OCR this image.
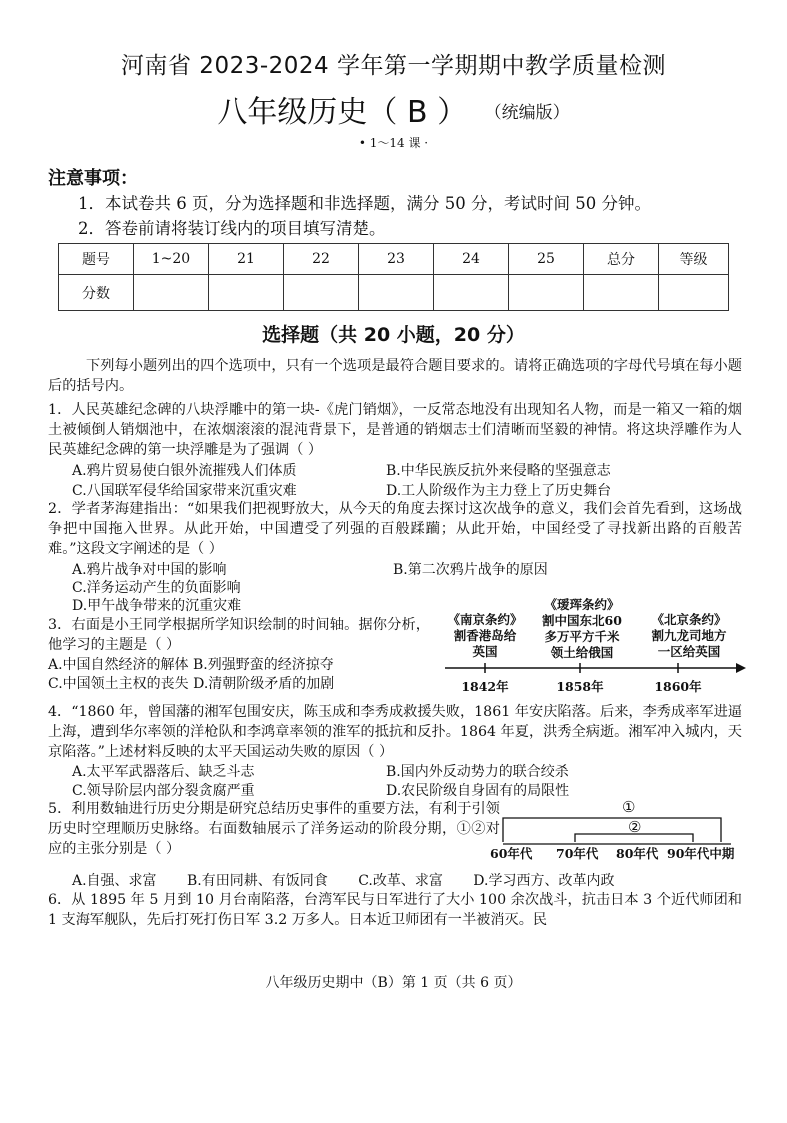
河南省 2023-2024 学年第一学期期中教学质量检测
八年级历史（ B ） （统编版）
• 1～14 课 ·
注意事项：
1．本试卷共 6 页，分为选择题和非选择题，满分 50 分，考试时间 50 分钟。
2．答卷前请将装订线内的项目填写清楚。
题号	1~20	21	22	23	24	25	总分	等级
分数								
选择题（共 20 小题，20 分）
下列每小题列出的四个选项中，只有一个选项是最符合题目要求的。请将正确选项的字母代号填在每小题后的括号内。
1．人民英雄纪念碑的八块浮雕中的第一块-《虎门销烟》，一反常态地没有出现知名人物，而是一箱又一箱的烟土被倾倒人销烟池中，在浓烟滚滚的混沌背景下，是普通的销烟志士们清晰而坚毅的神情。将这块浮雕作为人民英雄纪念碑的第一块浮雕是为了强调（ ）
A.鸦片贸易使白银外流摧残人们体质	B.中华民族反抗外来侵略的坚强意志
C.八国联军侵华给国家带来沉重灾难	D.工人阶级作为主力登上了历史舞台
2．学者茅海建指出：“如果我们把视野放大，从今天的角度去探讨这次战争的意义，我们会首先看到，这场战争把中国拖入世界。从此开始，中国遭受了列强的百般蹂躏；从此开始，中国经受了寻找新出路的百般苦难。”这段文字阐述的是（ ）
A.鸦片战争对中国的影响	B.第二次鸦片战争的原因
C.洋务运动产生的负面影响
D.甲午战争带来的沉重灾难
3．右面是小王同学根据所学知识绘制的时间轴。据你分析，他学习的主题是（ ）
A.中国自然经济的解体 B.列强野蛮的经济掠夺
C.中国领土主权的丧失 D.清朝阶级矛盾的加剧
《南京条约》
割香港岛给
英国
《瑷珲条约》
割中国东北60
多万平方千米
领土给俄国
《北京条约》
割九龙司地方
一区给英国
1842年	1858年	1860年
4．“1860 年，曾国藩的湘军包围安庆，陈玉成和李秀成救援失败，1861 年安庆陷落。后来，李秀成率军进逼上海，遭到华尔率领的洋枪队和李鸿章率领的淮军的抵抗和反扑。1864 年夏，洪秀全病逝。湘军冲入城内，天京陷落。”上述材料反映的太平天国运动失败的原因（ ）
A.太平军武器落后、缺乏斗志	B.国内外反动势力的联合绞杀
C.领导阶层内部分裂贪腐严重	D.农民阶级自身固有的局限性
5．利用数轴进行历史分期是研究总结历史事件的重要方法，有利于引领历史时空理顺历史脉络。右面数轴展示了洋务运动的阶段分期，①②对应的主张分别是（ ）
A.自强、求富 B.有田同耕、有饭同食 C.改革、求富 D.学习西方、改革内政
①
②
60年代 70年代 80年代 90年代中期
6．从 1895 年 5 月到 10 月台南陷落，台湾军民与日军进行了大小 100 余次战斗，抗击日本 3 个近代师团和 1 支海军舰队，先后打死打伤日军 3.2 万多人。日本近卫师团有一半被消灭。民
八年级历史期中（B）第 1 页（共 6 页）
